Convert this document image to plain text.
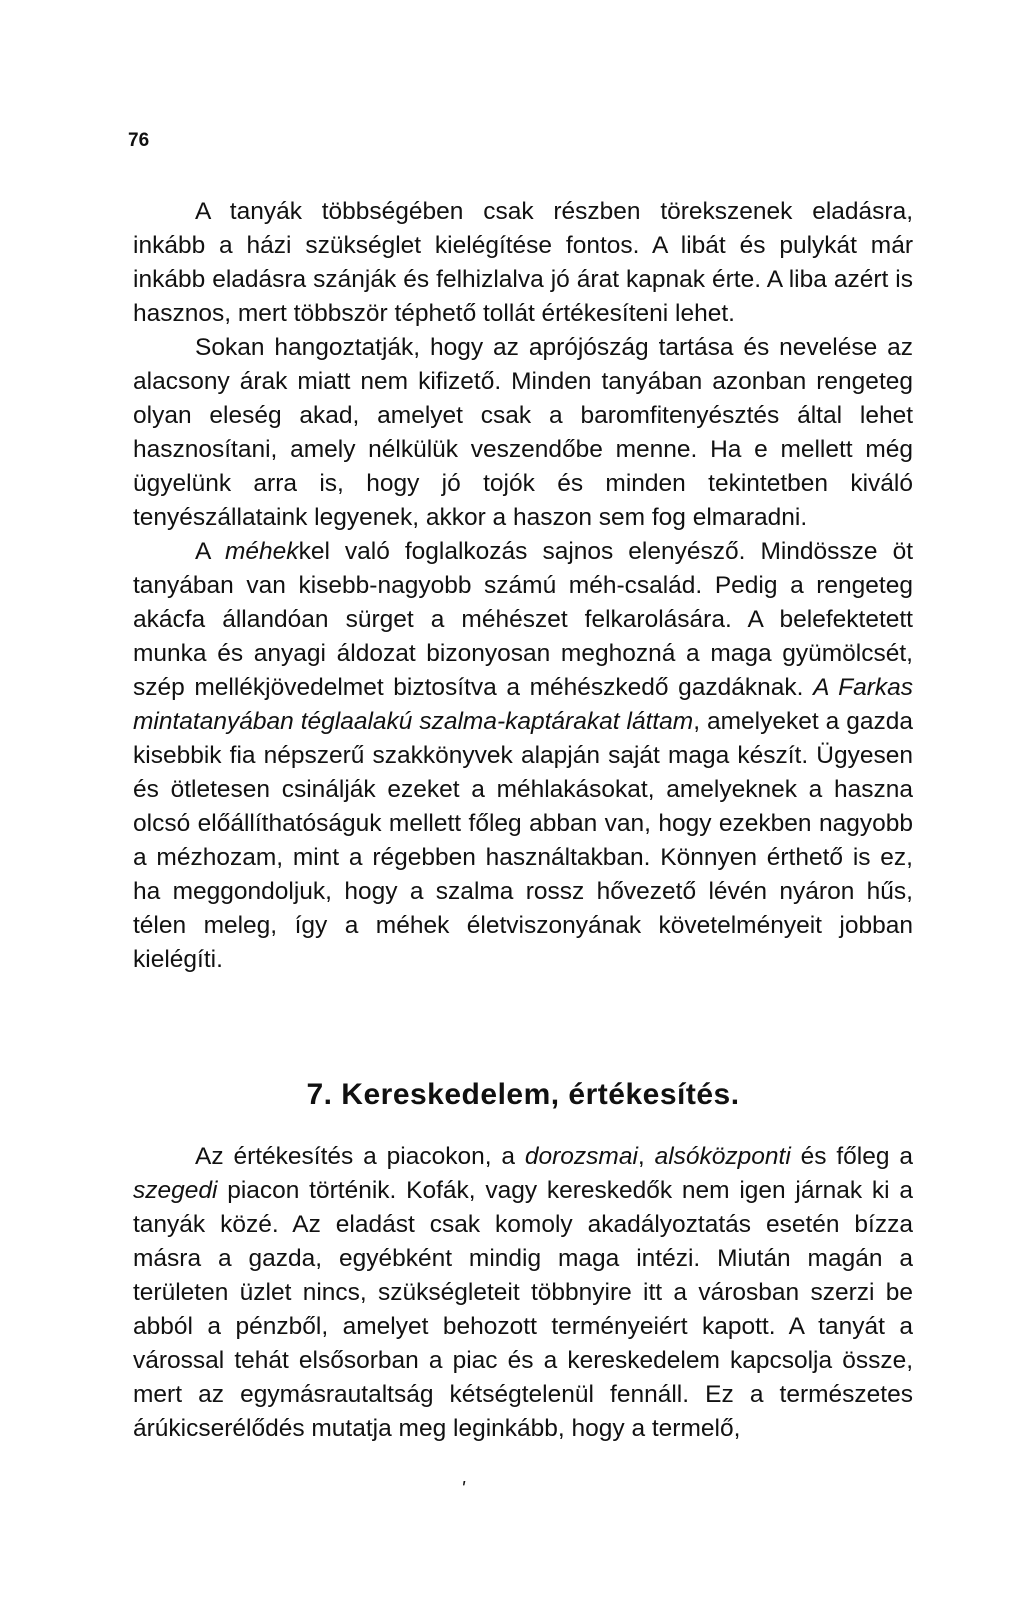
76

A tanyák többségében csak részben törekszenek eladásra, inkább a házi szükséglet kielégítése fontos. A libát és pulykát már inkább eladásra szánják és felhizlalva jó árat kapnak érte. A liba azért is hasznos, mert többször téphető tollát értékesíteni lehet.

Sokan hangoztatják, hogy az aprójószág tartása és nevelése az alacsony árak miatt nem kifizető. Minden tanyában azonban rengeteg olyan eleség akad, amelyet csak a baromfitenyésztés által lehet hasznosítani, amely nélkülük veszendőbe menne. Ha e mellett még ügyelünk arra is, hogy jó tojók és minden tekintetben kiváló tenyészállataink legyenek, akkor a haszon sem fog elmaradni.

A méhekkel való foglalkozás sajnos elenyésző. Mindössze öt tanyában van kisebb-nagyobb számú méh-család. Pedig a rengeteg akácfa állandóan sürget a méhészet felkarolására. A belefektetett munka és anyagi áldozat bizonyosan meghozná a maga gyümölcsét, szép mellékjövedelmet biztosítva a méhészkedő gazdáknak. A Farkas mintatanyában téglaalakú szalma-kaptárakat láttam, amelyeket a gazda kisebbik fia népszerű szakkönyvek alapján saját maga készít. Ügyesen és ötletesen csinálják ezeket a méhlakásokat, amelyeknek a haszna olcsó előállíthatóságuk mellett főleg abban van, hogy ezekben nagyobb a mézhozam, mint a régebben használtakban. Könnyen érthető is ez, ha meggondoljuk, hogy a szalma rossz hővezető lévén nyáron hűs, télen meleg, így a méhek életviszonyának követelményeit jobban kielégíti.

7. Kereskedelem, értékesítés.

Az értékesítés a piacokon, a dorozsmai, alsóközponti és főleg a szegedi piacon történik. Kofák, vagy kereskedők nem igen járnak ki a tanyák közé. Az eladást csak komoly akadályoztatás esetén bízza másra a gazda, egyébként mindig maga intézi. Miután magán a területen üzlet nincs, szükségleteit többnyire itt a városban szerzi be abból a pénzből, amelyet behozott terményeiért kapott. A tanyát a várossal tehát elsősorban a piac és a kereskedelem kapcsolja össze, mert az egymásrautaltság kétségtelenül fennáll. Ez a természetes árúkicserélődés mutatja meg leginkább, hogy a termelő,

'
